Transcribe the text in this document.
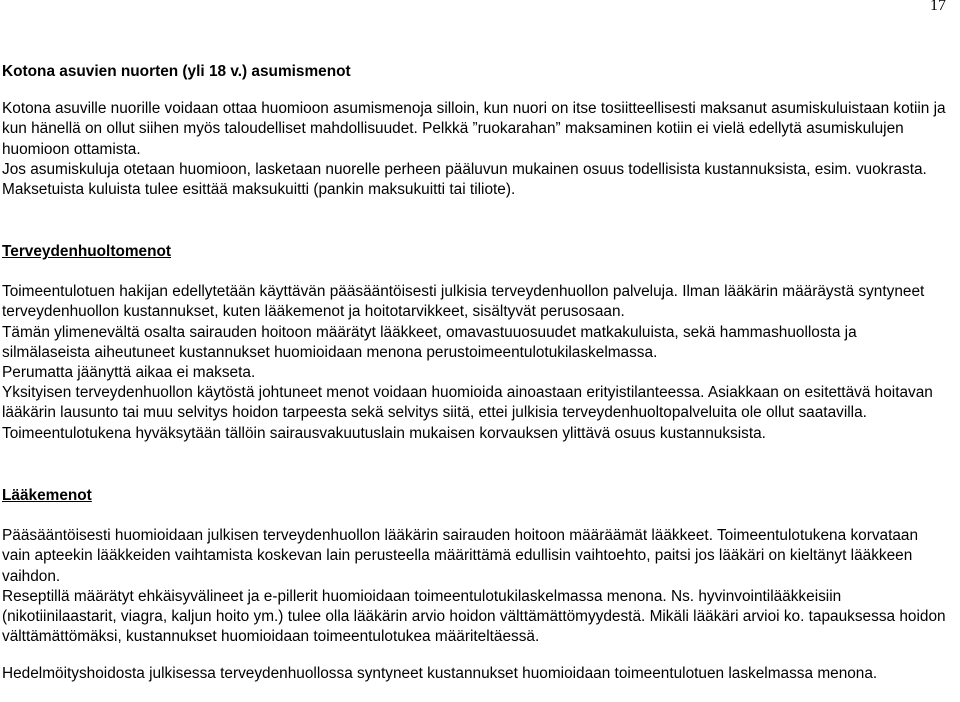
17

Kotona asuvien nuorten (yli 18 v.) asumismenot

Kotona asuville nuorille voidaan ottaa huomioon asumismenoja silloin, kun nuori on itse tosiitteellisesti maksanut asumiskuluistaan kotiin ja kun hänellä on ollut siihen myös taloudelliset mahdollisuudet. Pelkkä ”ruokarahan” maksaminen kotiin ei vielä edellytä asumiskulujen huomioon ottamista.

Jos asumiskuluja otetaan huomioon, lasketaan nuorelle perheen pääluvun mukainen osuus todellisista kustannuksista, esim. vuokrasta. Maksetuista kuluista tulee esittää maksukuitti (pankin maksukuitti tai tiliote).

Terveydenhuoltomenot

Toimeentulotuen hakijan edellytetään käyttävän pääsääntöisesti julkisia terveydenhuollon palveluja. Ilman lääkärin määräystä syntyneet terveydenhuollon kustannukset, kuten lääkemenot ja hoitotarvikkeet, sisältyvät perusosaan.

Tämän ylimenevältä osalta sairauden hoitoon määrätyt lääkkeet, omavastuuosuudet matkakuluista, sekä hammashuollosta ja silmälaseista aiheutuneet kustannukset huomioidaan menona perustoimeentulotukilaskelmassa.

Perumatta jäänyttä aikaa ei makseta.

Yksityisen terveydenhuollon käytöstä johtuneet menot voidaan huomioida ainoastaan erityistilanteessa. Asiakkaan on esitettävä hoitavan lääkärin lausunto tai muu selvitys hoidon tarpeesta sekä selvitys siitä, ettei julkisia terveydenhuoltopalveluita ole ollut saatavilla. Toimeentulotukena hyväksytään tällöin sairausvakuutuslain mukaisen korvauksen ylittävä osuus kustannuksista.

Lääkemenot

Pääsääntöisesti huomioidaan julkisen terveydenhuollon lääkärin sairauden hoitoon määräämät lääkkeet. Toimeentulotukena korvataan vain apteekin lääkkeiden vaihtamista koskevan lain perusteella määrittämä edullisin vaihtoehto, paitsi jos lääkäri on kieltänyt lääkkeen vaihdon.

Reseptillä määrätyt ehkäisyvälineet ja e-pillerit huomioidaan toimeentulotukilaskelmassa menona. Ns. hyvinvointilääkkeisiin (nikotiinilaastarit, viagra, kaljun hoito ym.) tulee olla lääkärin arvio hoidon välttämättömyydestä. Mikäli lääkäri arvioi ko. tapauksessa hoidon välttämättömäksi, kustannukset huomioidaan toimeentulotukea määriteltäessä.

Hedelmöityshoidosta julkisessa terveydenhuollossa syntyneet kustannukset huomioidaan toimeentulotuen laskelmassa menona.
